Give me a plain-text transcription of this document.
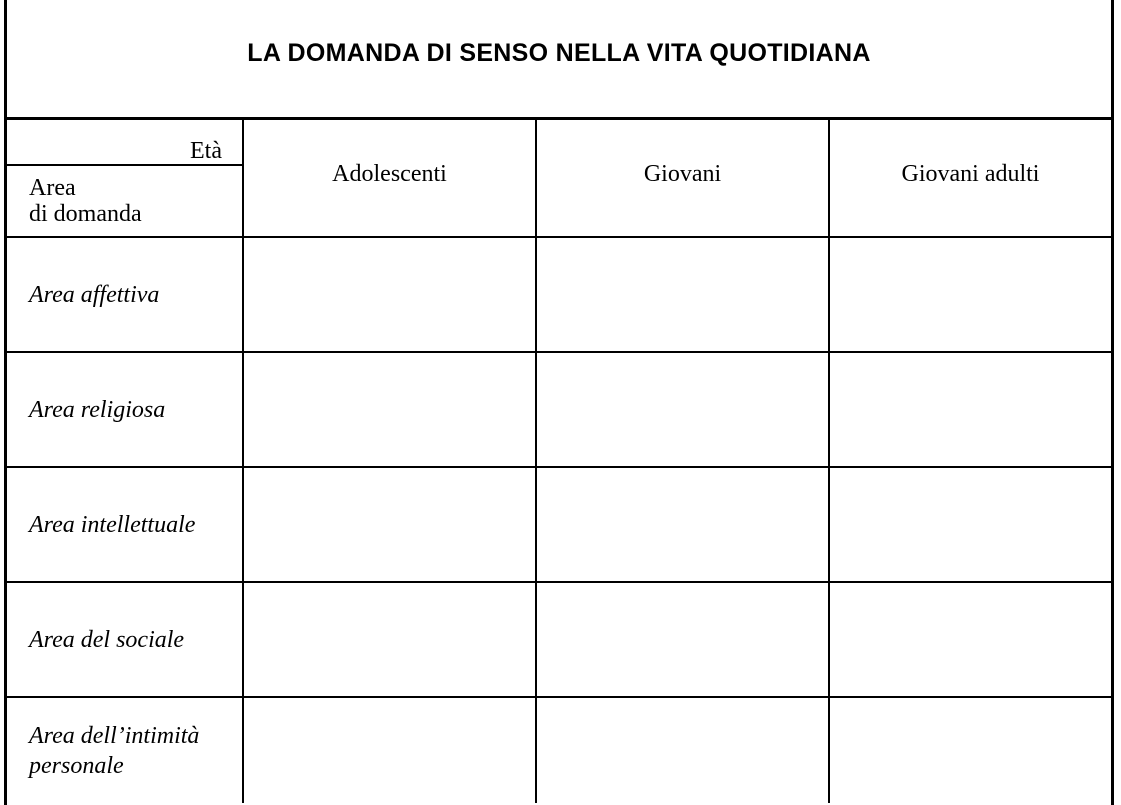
LA DOMANDA DI SENSO NELLA VITA QUOTIDIANA
Età
Area
di domanda	Adolescenti	Giovani	Giovani adulti

Area affettiva			

Area religiosa			

Area intellettuale			

Area del sociale			

Area dell’intimità
personale			
